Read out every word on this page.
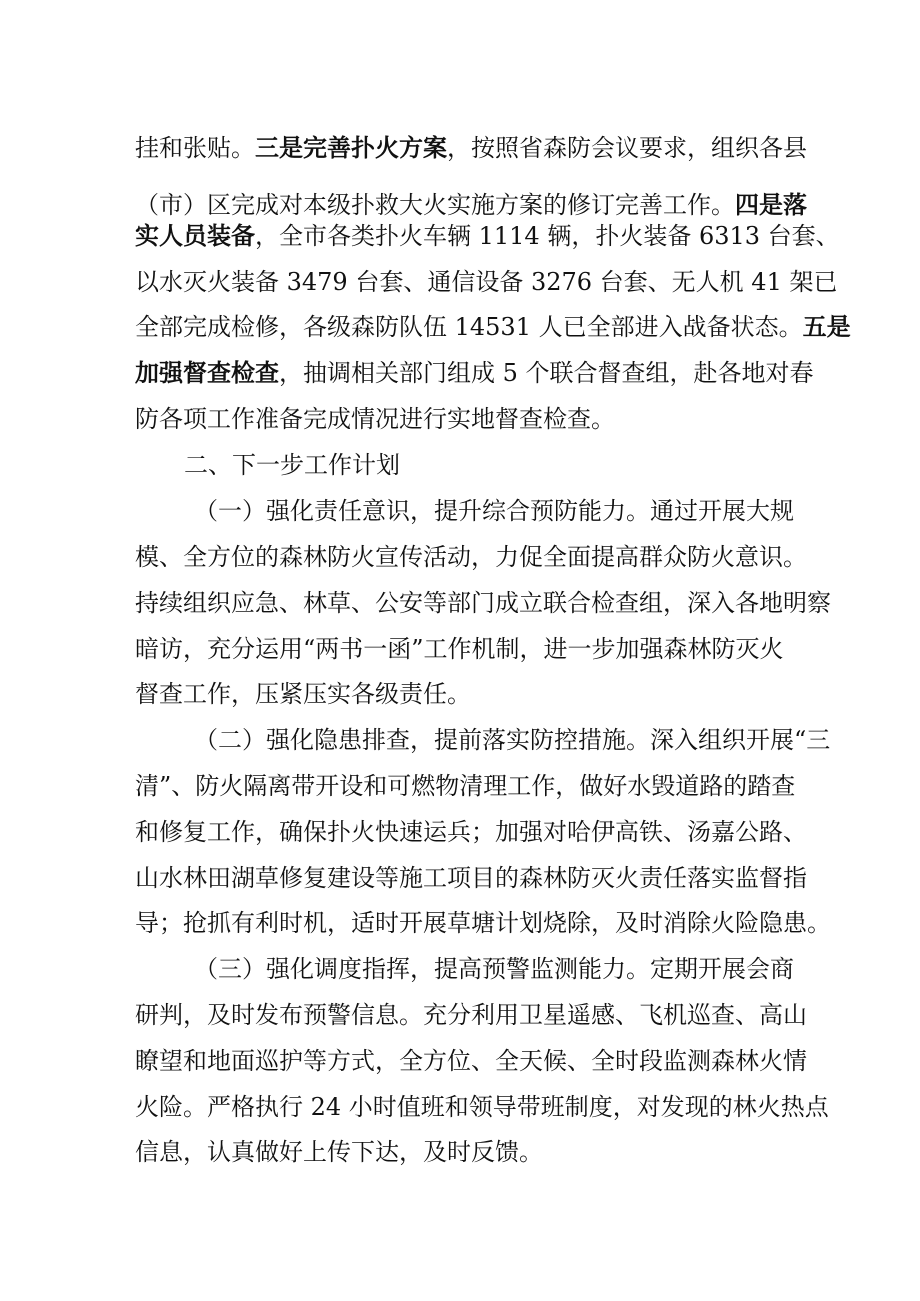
挂和张贴。三是完善扑火方案，按照省森防会议要求，组织各县
（市）区完成对本级扑救大火实施方案的修订完善工作。四是落
实人员装备，全市各类扑火车辆 1114 辆，扑火装备 6313 台套、
以水灭火装备 3479 台套、通信设备 3276 台套、无人机 41 架已
全部完成检修，各级森防队伍 14531 人已全部进入战备状态。五是
加强督查检查，抽调相关部门组成 5 个联合督查组，赴各地对春
防各项工作准备完成情况进行实地督查检查。
二、下一步工作计划
（一）强化责任意识，提升综合预防能力。通过开展大规
模、全方位的森林防火宣传活动，力促全面提高群众防火意识。
持续组织应急、林草、公安等部门成立联合检查组，深入各地明察
暗访，充分运用“两书一函”工作机制，进一步加强森林防灭火
督查工作，压紧压实各级责任。
（二）强化隐患排查，提前落实防控措施。深入组织开展“三
清”、防火隔离带开设和可燃物清理工作，做好水毁道路的踏查
和修复工作，确保扑火快速运兵；加强对哈伊高铁、汤嘉公路、
山水林田湖草修复建设等施工项目的森林防灭火责任落实监督指
导；抢抓有利时机，适时开展草塘计划烧除，及时消除火险隐患。
（三）强化调度指挥，提高预警监测能力。定期开展会商
研判，及时发布预警信息。充分利用卫星遥感、飞机巡查、高山
瞭望和地面巡护等方式，全方位、全天候、全时段监测森林火情
火险。严格执行 24 小时值班和领导带班制度，对发现的林火热点
信息，认真做好上传下达，及时反馈。
